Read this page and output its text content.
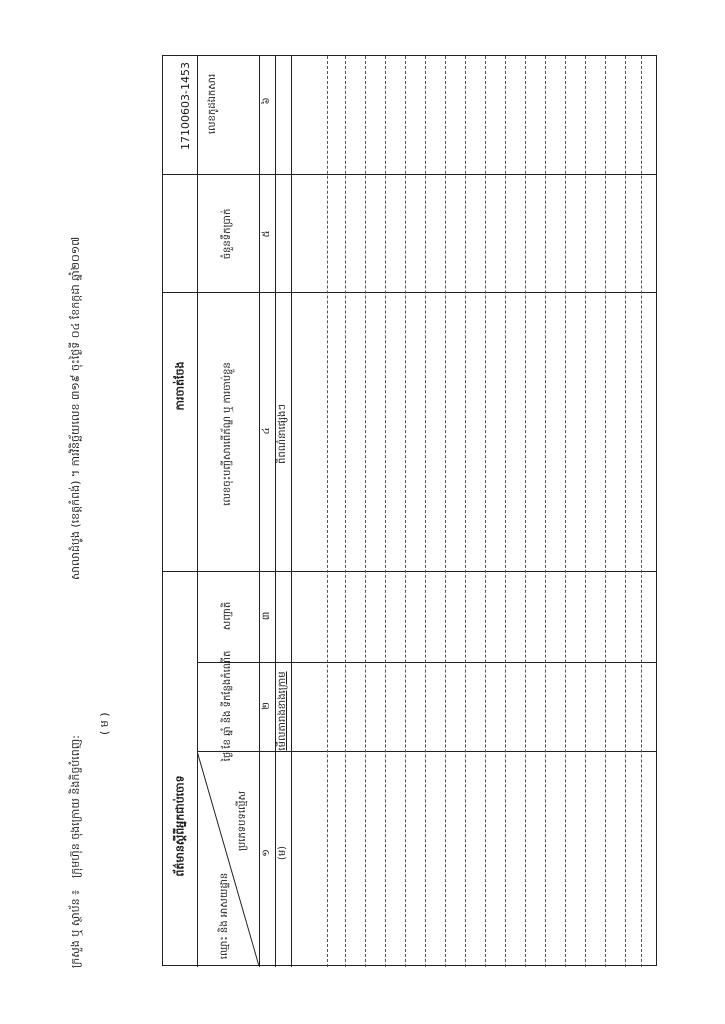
17100603-1453
សាលាដំបូង (ខេត្តកំពង់) ។ ការវិនិច្ឆ័យលេខ ៣១៩ ចុះថ្ងៃទី ០៤ ខែកក្កដា ឆ្នាំ២០១៧
ក្រុមហ៊ុន ចុងក្រោយ និងកិច្ចបំពេញ:
( ម )
ក្រសួង ឬ ស្ថាប័ន ៖
ការចាត់ចែង
ព័ត៌មានស្ដីពីអ្នកជាប់ចោទ
លេខកូដឯកសារ
ចំនួនទឹកប្រាក់
លេខចុះបញ្ជីសារពើភ័ណ្ឌ ឬ ការចាប់ខ្លួន
សញ្ជាតិ
ថ្ងៃ ខែ ឆ្នាំ និង ទីកន្លែងកំណើត
ឈ្មោះ និង អាសយដ្ឋាន
ប្រភេទបទល្មើស
៦
៥
៤
៣
២
១ (ម)
មើលតារាងខាងក្រោម
ពិពណ៌នាផ្សេងៗ
